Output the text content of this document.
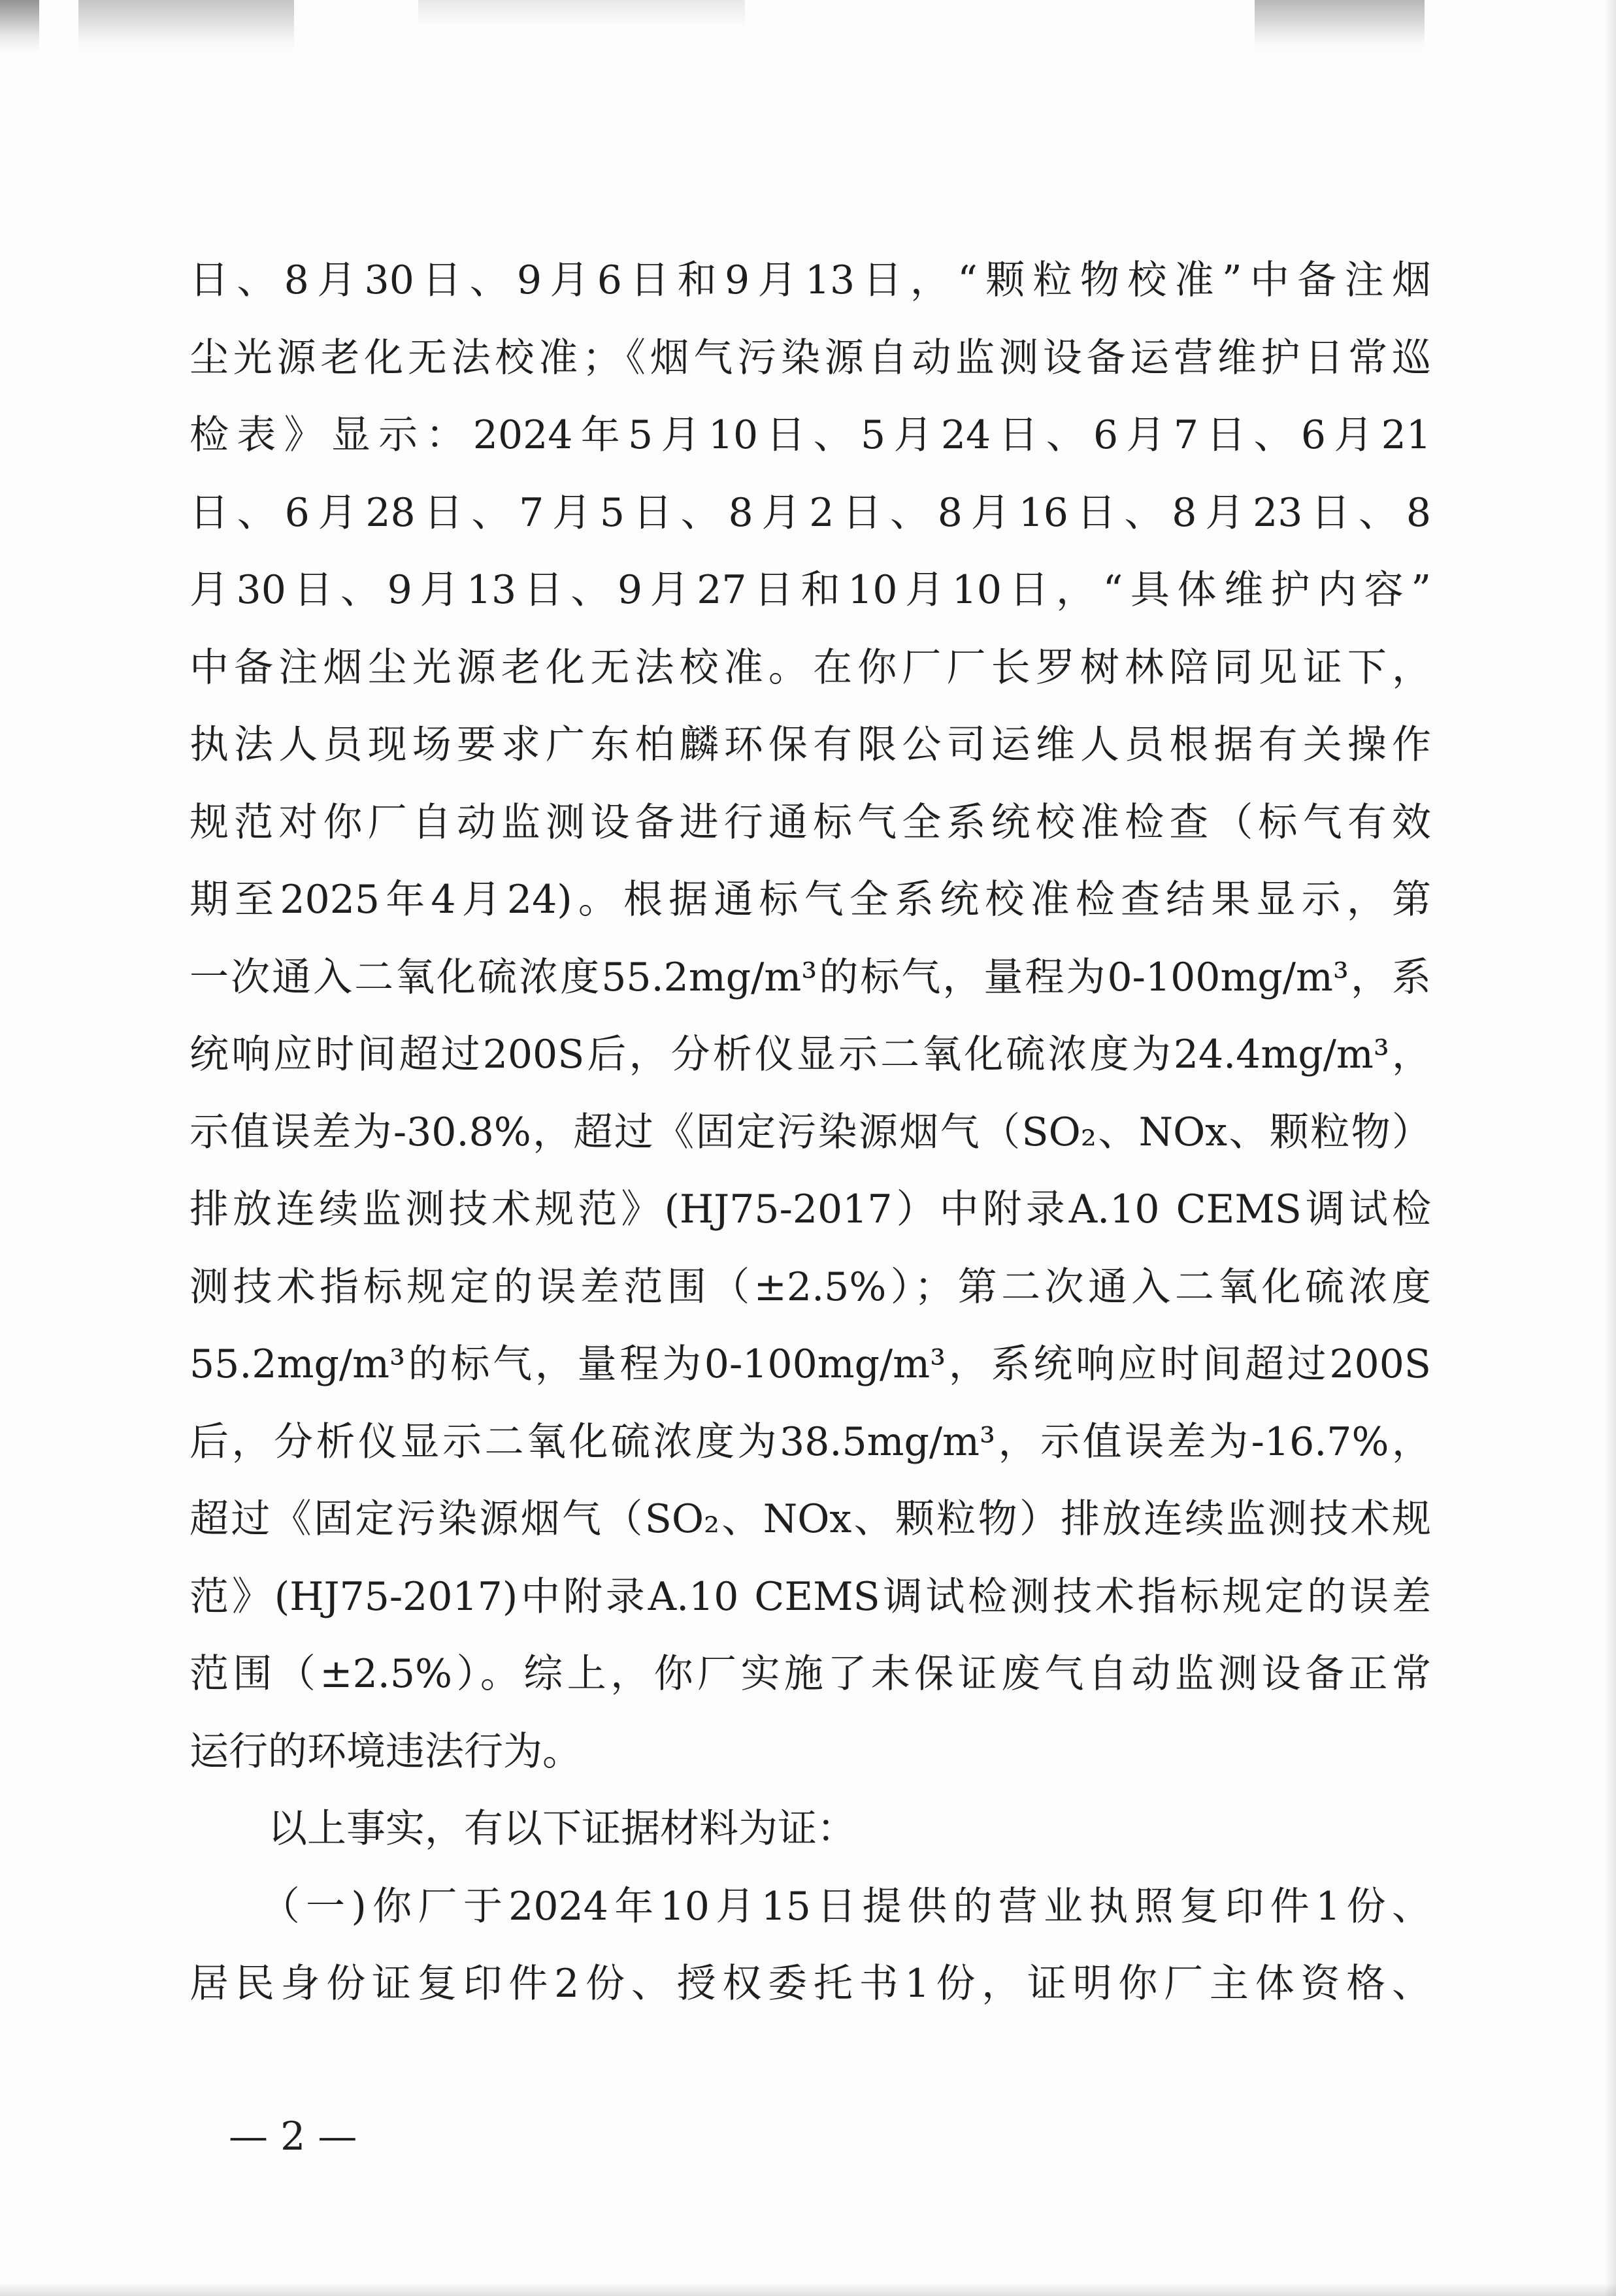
日、8月30日、9月6日和9月13日，“颗粒物校准”中备注烟
尘光源老化无法校准；《烟气污染源自动监测设备运营维护日常巡
检表》显示：2024年5月10日、5月24日、6月7日、6月21
日、6月28日、7月5日、8月2日、8月16日、8月23日、8
月30日、9月13日、9月27日和10月10日，“具体维护内容”
中备注烟尘光源老化无法校准。在你厂厂长罗树林陪同见证下，
执法人员现场要求广东柏麟环保有限公司运维人员根据有关操作
规范对你厂自动监测设备进行通标气全系统校准检查（标气有效
期至2025年4月24)。根据通标气全系统校准检查结果显示，第
一次通入二氧化硫浓度55.2mg/m³的标气，量程为0-100mg/m³，系
统响应时间超过200S后，分析仪显示二氧化硫浓度为24.4mg/m³，
示值误差为-30.8%，超过《固定污染源烟气（SO₂、NOx、颗粒物）
排放连续监测技术规范》(HJ75-2017）中附录A.10 CEMS调试检
测技术指标规定的误差范围（±2.5%）；第二次通入二氧化硫浓度
55.2mg/m³的标气，量程为0-100mg/m³，系统响应时间超过200S
后，分析仪显示二氧化硫浓度为38.5mg/m³，示值误差为-16.7%，
超过《固定污染源烟气（SO₂、NOx、颗粒物）排放连续监测技术规
范》(HJ75-2017)中附录A.10 CEMS调试检测技术指标规定的误差
范围（±2.5%）。综上，你厂实施了未保证废气自动监测设备正常
运行的环境违法行为。
　　以上事实，有以下证据材料为证：
　　（一)你厂于2024年10月15日提供的营业执照复印件1份、
居民身份证复印件2份、授权委托书1份，证明你厂主体资格、
— 2 —
